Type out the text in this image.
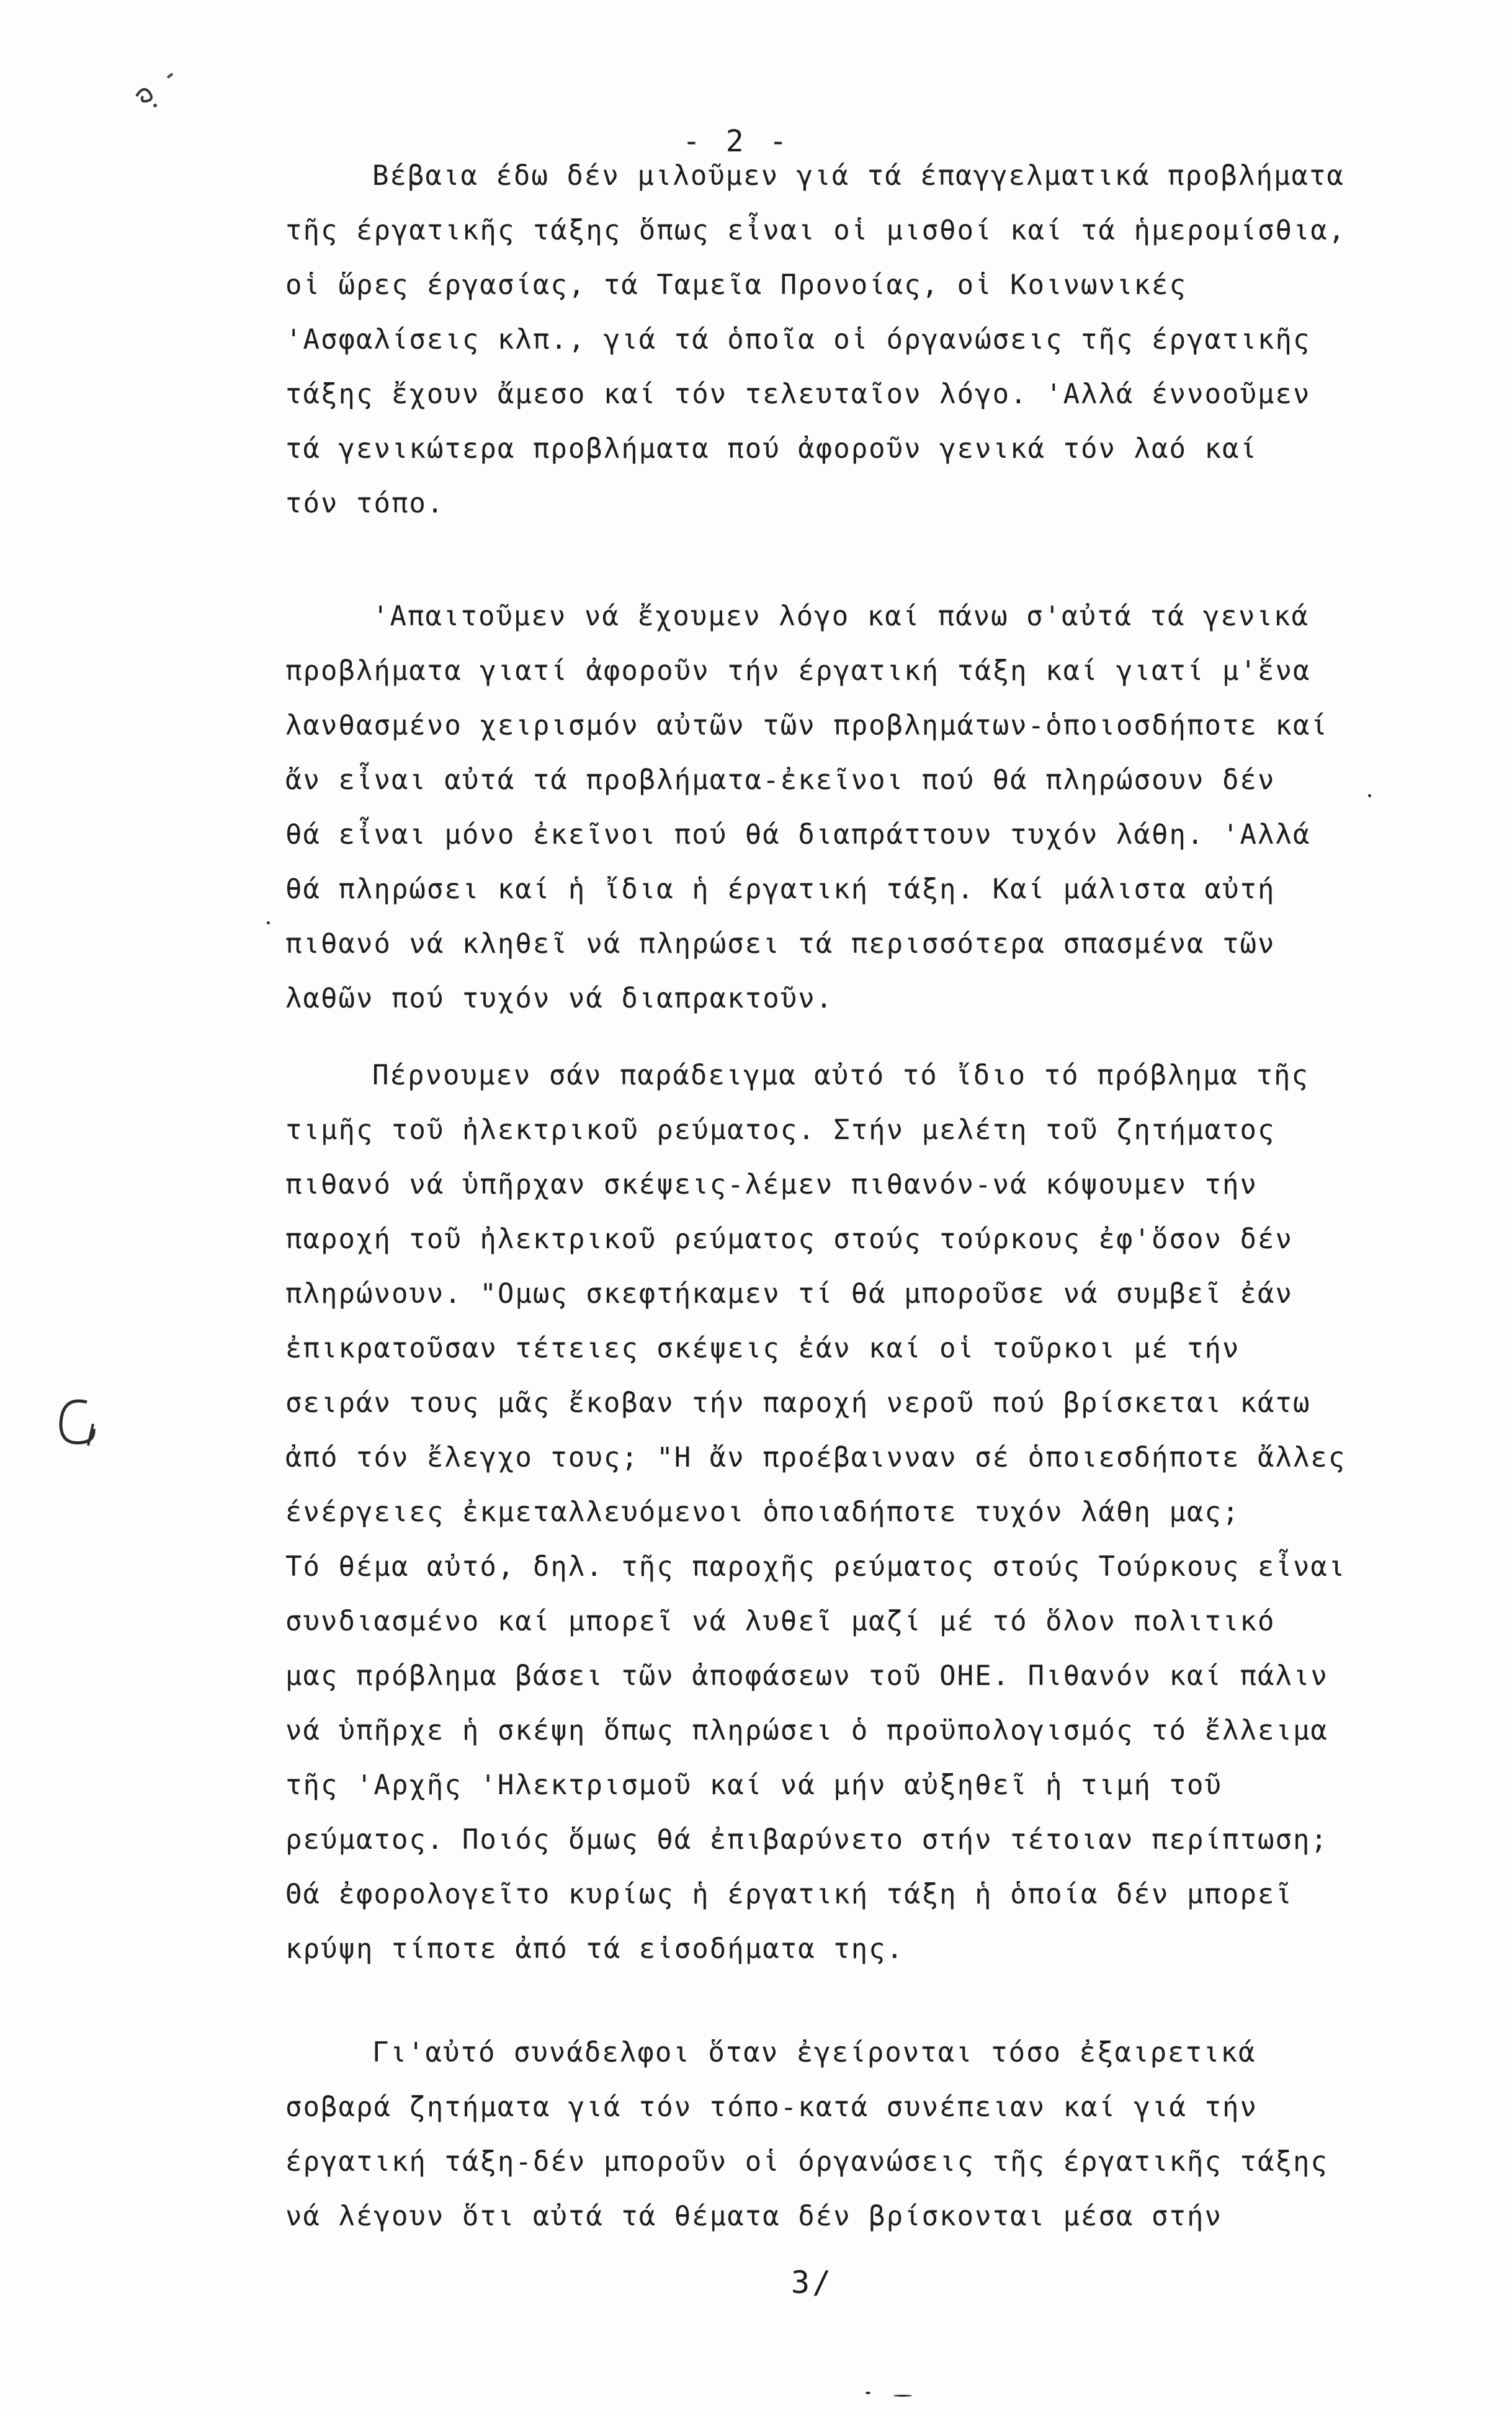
- 2 -
Βέβαια έδω δέν μιλοῦμεν γιά τά έπαγγελματικά προβλήματα
τῆς έργατικῆς τάξης ὅπως εἶναι οἱ μισθοί καί τά ἡμερομίσθια,
οἱ ὥρες έργασίας, τά Ταμεῖα Προνοίας, οἱ Κοινωνικές
'Ασφαλίσεις κλπ., γιά τά ὁποῖα οἱ όργανώσεις τῆς έργατικῆς
τάξης ἔχουν ἄμεσο καί τόν τελευταῖον λόγο. 'Αλλά έννοοῦμεν
τά γενικώτερα προβλήματα πού ἀφοροῦν γενικά τόν λαό καί
τόν τόπο.
'Απαιτοῦμεν νά ἔχουμεν λόγο καί πάνω σ'αὐτά τά γενικά
προβλήματα γιατί ἀφοροῦν τήν έργατική τάξη καί γιατί μ'ἕνα
λανθασμένο χειρισμόν αὐτῶν τῶν προβλημάτων-ὁποιοσδήποτε καί
ἄν εἶναι αὐτά τά προβλήματα-ἐκεῖνοι πού θά πληρώσουν δέν
θά εἶναι μόνο ἐκεῖνοι πού θά διαπράττουν τυχόν λάθη. 'Αλλά
θά πληρώσει καί ἡ ἴδια ἡ έργατική τάξη. Καί μάλιστα αὐτή
πιθανό νά κληθεῖ νά πληρώσει τά περισσότερα σπασμένα τῶν
λαθῶν πού τυχόν νά διαπρακτοῦν.
Πέρνουμεν σάν παράδειγμα αὐτό τό ἴδιο τό πρόβλημα τῆς
τιμῆς τοῦ ἠλεκτρικοῦ ρεύματος. Στήν μελέτη τοῦ ζητήματος
πιθανό νά ὑπῆρχαν σκέψεις-λέμεν πιθανόν-νά κόψουμεν τήν
παροχή τοῦ ἠλεκτρικοῦ ρεύματος στούς τούρκους ἐφ'ὅσον δέν
πληρώνουν. "Ομως σκεφτήκαμεν τί θά μποροῦσε νά συμβεῖ ἐάν
ἐπικρατοῦσαν τέτειες σκέψεις ἐάν καί οἱ τοῦρκοι μέ τήν
σειράν τους μᾶς ἔκοβαν τήν παροχή νεροῦ πού βρίσκεται κάτω
ἀπό τόν ἔλεγχο τους; "Η ἄν προέβαινναν σέ ὁποιεσδήποτε ἄλλες
ένέργειες ἐκμεταλλευόμενοι ὁποιαδήποτε τυχόν λάθη μας;
Τό θέμα αὐτό, δηλ. τῆς παροχῆς ρεύματος στούς Τούρκους εἶναι
συνδιασμένο καί μπορεῖ νά λυθεῖ μαζί μέ τό ὅλον πολιτικό
μας πρόβλημα βάσει τῶν ἀποφάσεων τοῦ ΟΗΕ. Πιθανόν καί πάλιν
νά ὑπῆρχε ἡ σκέψη ὅπως πληρώσει ὁ προϋπολογισμός τό ἔλλειμα
τῆς 'Αρχῆς 'Ηλεκτρισμοῦ καί νά μήν αὐξηθεῖ ἡ τιμή τοῦ
ρεύματος. Ποιός ὅμως θά ἐπιβαρύνετο στήν τέτοιαν περίπτωση;
Θά ἐφορολογεῖτο κυρίως ἡ έργατική τάξη ἡ ὁποία δέν μπορεῖ
κρύψη τίποτε ἀπό τά εἰσοδήματα της.
Γι'αὐτό συνάδελφοι ὅταν ἐγείρονται τόσο ἐξαιρετικά
σοβαρά ζητήματα γιά τόν τόπο-κατά συνέπειαν καί γιά τήν
έργατική τάξη-δέν μποροῦν οἱ όργανώσεις τῆς έργατικῆς τάξης
νά λέγουν ὅτι αὐτά τά θέματα δέν βρίσκονται μέσα στήν
3/
